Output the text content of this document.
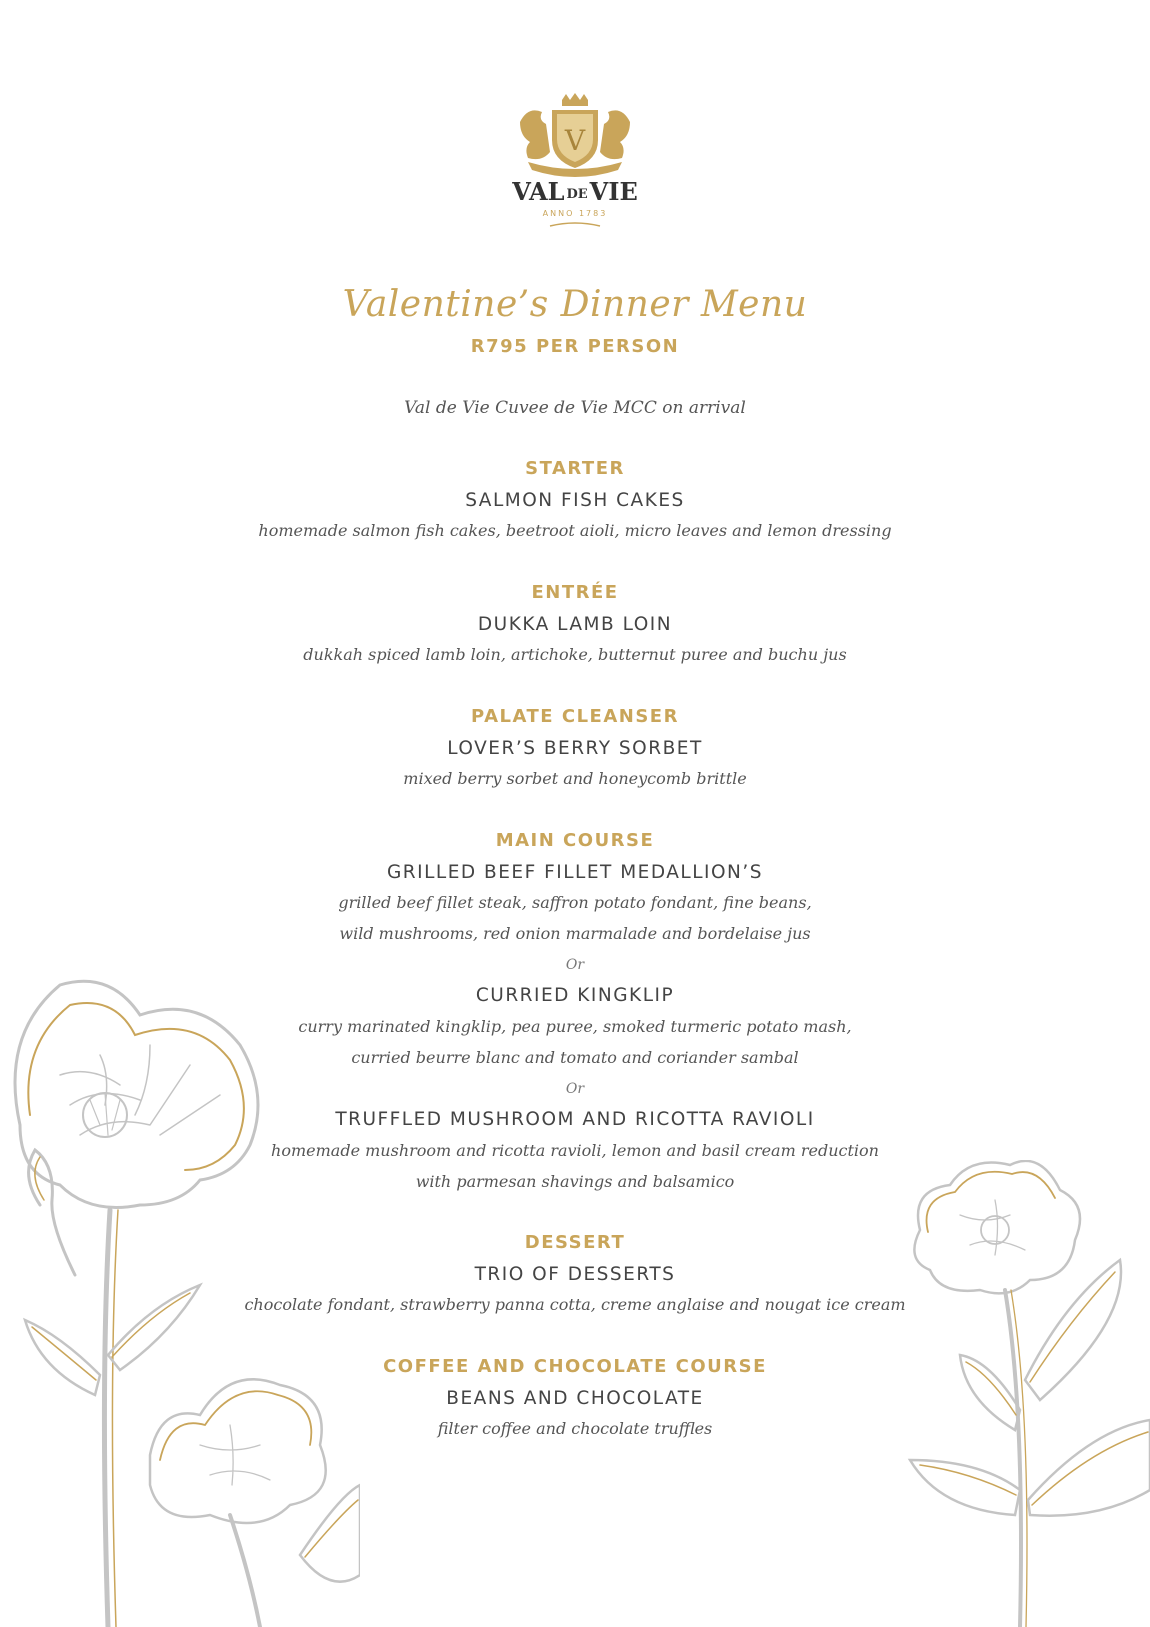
V
VAL DEVIE
ANNO 1783
Valentine’s Dinner Menu
R795 PER PERSON
Val de Vie Cuvee de Vie MCC on arrival
STARTER
SALMON FISH CAKES
homemade salmon fish cakes, beetroot aioli, micro leaves and lemon dressing
ENTRÉE
DUKKA LAMB LOIN
dukkah spiced lamb loin, artichoke, butternut puree and buchu jus
PALATE CLEANSER
LOVER’S BERRY SORBET
mixed berry sorbet and honeycomb brittle
MAIN COURSE
GRILLED BEEF FILLET MEDALLION’S
grilled beef fillet steak, saffron potato fondant, fine beans,
wild mushrooms, red onion marmalade and bordelaise jus
Or
CURRIED KINGKLIP
curry marinated kingklip, pea puree, smoked turmeric potato mash,
curried beurre blanc and tomato and coriander sambal
Or
TRUFFLED MUSHROOM AND RICOTTA RAVIOLI
homemade mushroom and ricotta ravioli, lemon and basil cream reduction
with parmesan shavings and balsamico
DESSERT
TRIO OF DESSERTS
chocolate fondant, strawberry panna cotta, creme anglaise and nougat ice cream
COFFEE AND CHOCOLATE COURSE
BEANS AND CHOCOLATE
filter coffee and chocolate truffles
